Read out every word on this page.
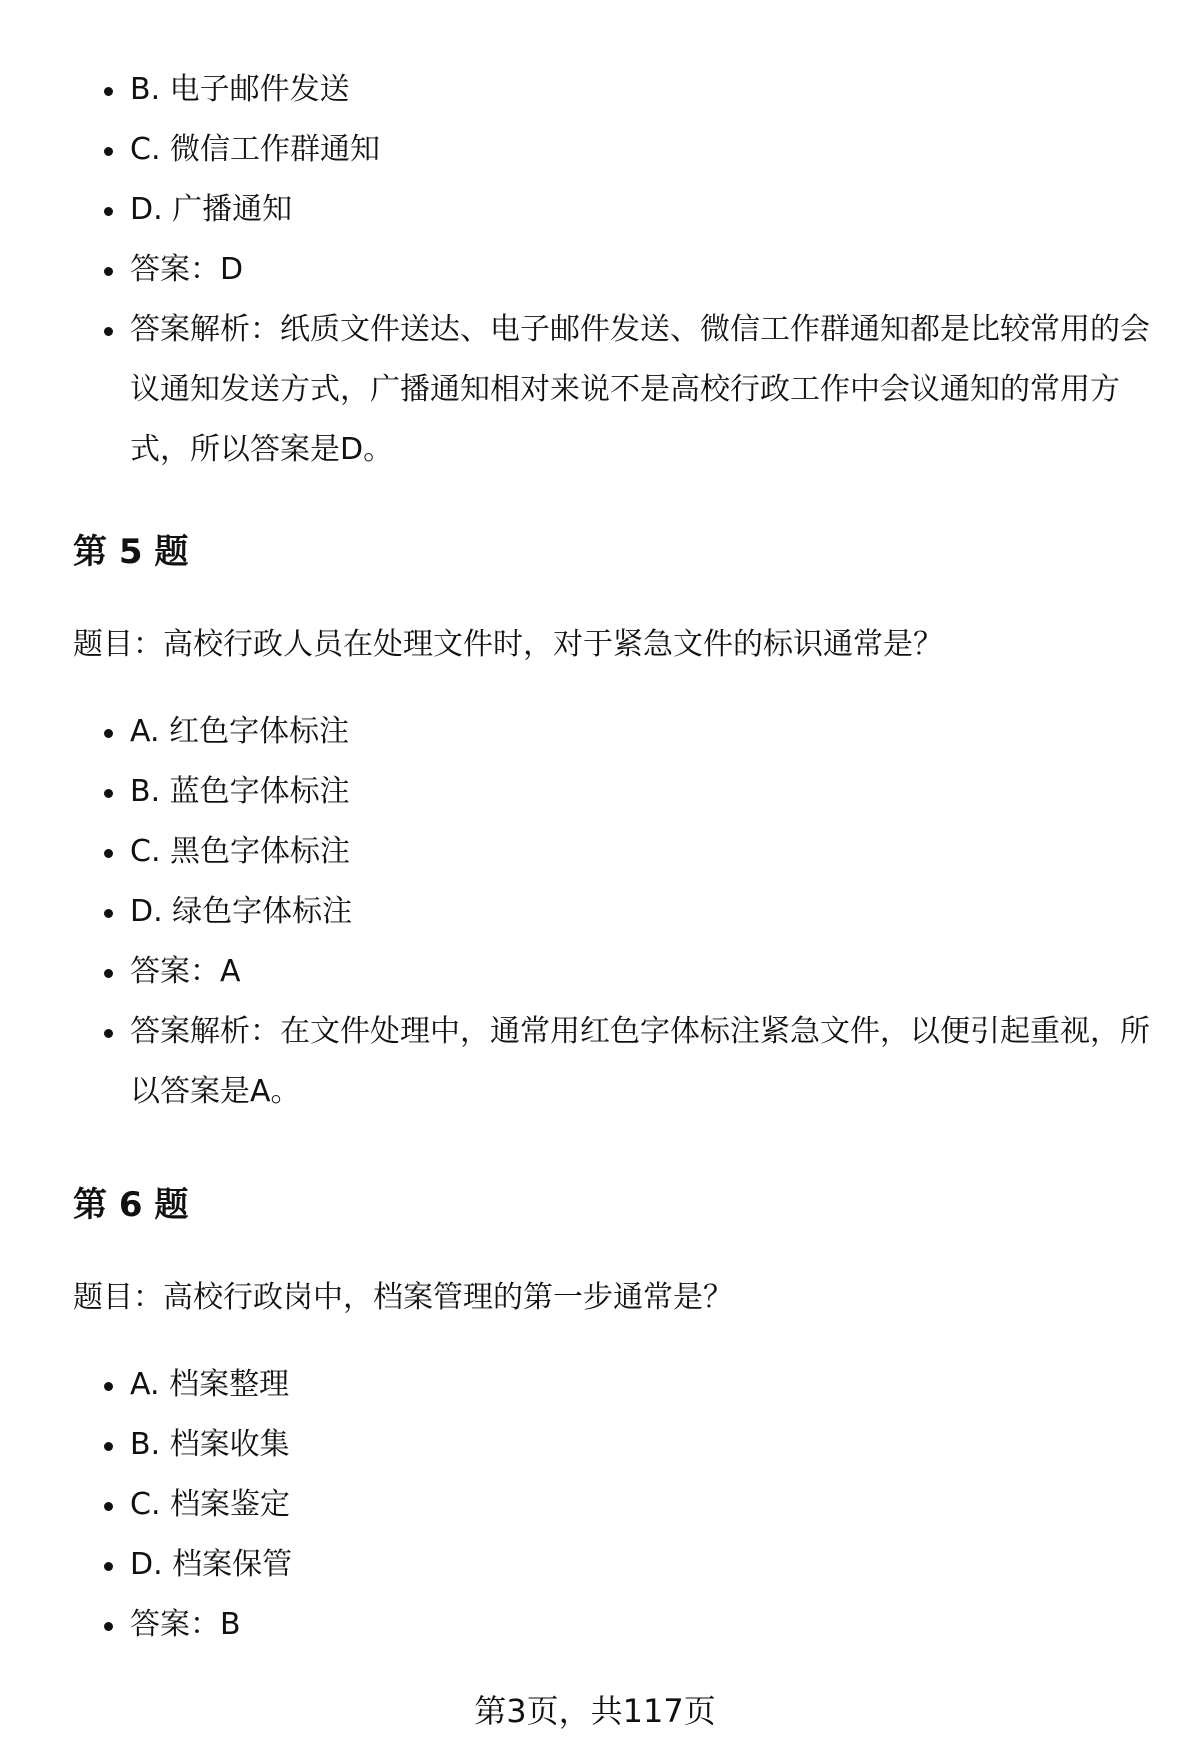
B. 电子邮件发送
C. 微信工作群通知
D. 广播通知
答案：D
答案解析：纸质文件送达、电子邮件发送、微信工作群通知都是比较常用的会议通知发送方式，广播通知相对来说不是高校行政工作中会议通知的常用方式，所以答案是D。
第 5 题

题目：高校行政人员在处理文件时，对于紧急文件的标识通常是？

A. 红色字体标注
B. 蓝色字体标注
C. 黑色字体标注
D. 绿色字体标注
答案：A
答案解析：在文件处理中，通常用红色字体标注紧急文件，以便引起重视，所以答案是A。
第 6 题

题目：高校行政岗中，档案管理的第一步通常是？

A. 档案整理
B. 档案收集
C. 档案鉴定
D. 档案保管
答案：B
第3页，共117页
